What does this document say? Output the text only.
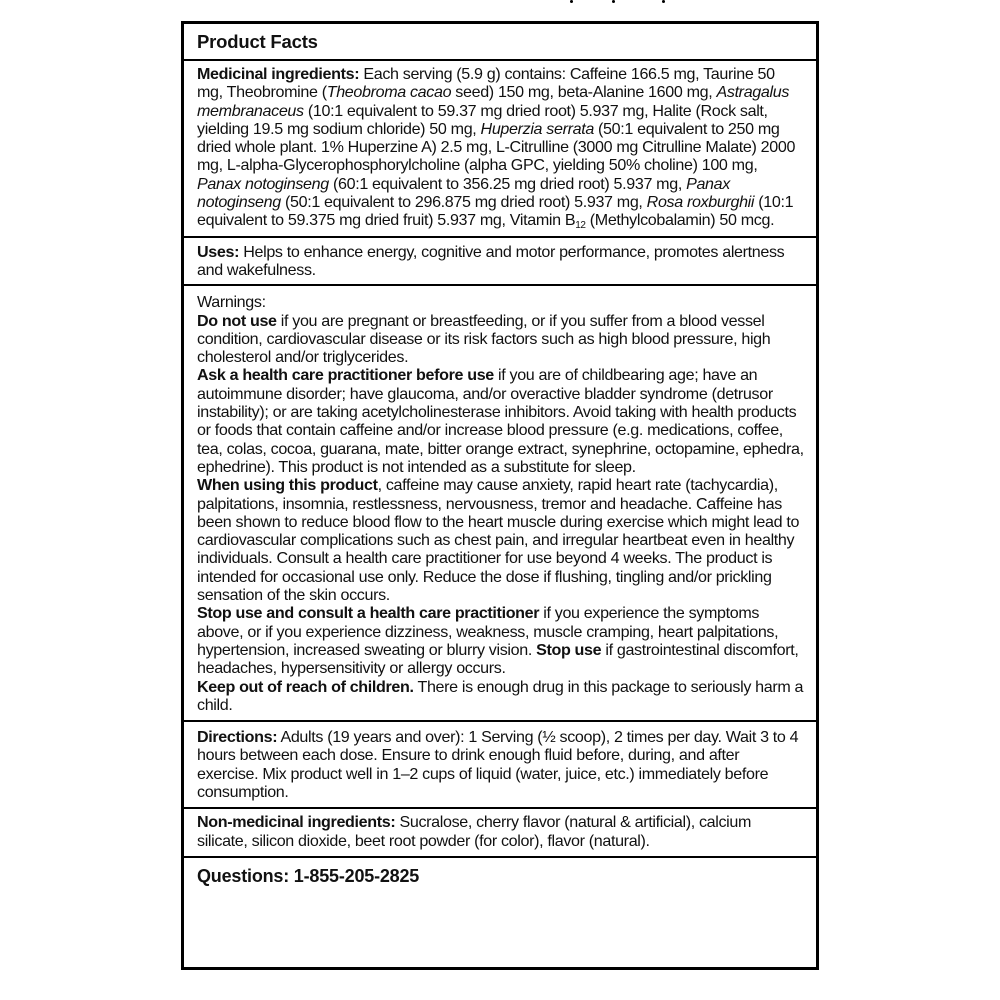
Product Facts
Medicinal ingredients: Each serving (5.9 g) contains: Caffeine 166.5 mg, Taurine 50 mg, Theobromine (Theobroma cacao seed) 150 mg, beta-Alanine 1600 mg, Astragalus membranaceus (10:1 equivalent to 59.37 mg dried root) 5.937 mg, Halite (Rock salt, yielding 19.5 mg sodium chloride) 50 mg, Huperzia serrata (50:1 equivalent to 250 mg dried whole plant. 1% Huperzine A) 2.5 mg, L-Citrulline (3000 mg Citrulline Malate) 2000 mg, L-alpha-Glycerophosphorylcholine (alpha GPC, yielding 50% choline) 100 mg, Panax notoginseng (60:1 equivalent to 356.25 mg dried root) 5.937 mg, Panax notoginseng (50:1 equivalent to 296.875 mg dried root) 5.937 mg, Rosa roxburghii (10:1 equivalent to 59.375 mg dried fruit) 5.937 mg, Vitamin $B_{12}$ (Methylcobalamin) 50 mcg.
Uses: Helps to enhance energy, cognitive and motor performance, promotes alertness and wakefulness.
Warnings:
Do not use if you are pregnant or breastfeeding, or if you suffer from a blood vessel condition, cardiovascular disease or its risk factors such as high blood pressure, high cholesterol and/or triglycerides.
Ask a health care practitioner before use if you are of childbearing age; have an autoimmune disorder; have glaucoma, and/or overactive bladder syndrome (detrusor instability); or are taking acetylcholinesterase inhibitors. Avoid taking with health products or foods that contain caffeine and/or increase blood pressure (e.g. medications, coffee, tea, colas, cocoa, guarana, mate, bitter orange extract, synephrine, octopamine, ephedra, ephedrine). This product is not intended as a substitute for sleep.
When using this product, caffeine may cause anxiety, rapid heart rate (tachycardia), palpitations, insomnia, restlessness, nervousness, tremor and headache. Caffeine has been shown to reduce blood flow to the heart muscle during exercise which might lead to cardiovascular complications such as chest pain, and irregular heartbeat even in healthy individuals. Consult a health care practitioner for use beyond 4 weeks. The product is intended for occasional use only. Reduce the dose if flushing, tingling and/or prickling sensation of the skin occurs.
Stop use and consult a health care practitioner if you experience the symptoms above, or if you experience dizziness, weakness, muscle cramping, heart palpitations, hypertension, increased sweating or blurry vision. Stop use if gastrointestinal discomfort, headaches, hypersensitivity or allergy occurs.
Keep out of reach of children. There is enough drug in this package to seriously harm a child.
Directions: Adults (19 years and over): 1 Serving (½ scoop), 2 times per day. Wait 3 to 4 hours between each dose. Ensure to drink enough fluid before, during, and after exercise. Mix product well in 1–2 cups of liquid (water, juice, etc.) immediately before consumption.
Non-medicinal ingredients: Sucralose, cherry flavor (natural & artificial), calcium silicate, silicon dioxide, beet root powder (for color), flavor (natural).
Questions: 1-855-205-2825
